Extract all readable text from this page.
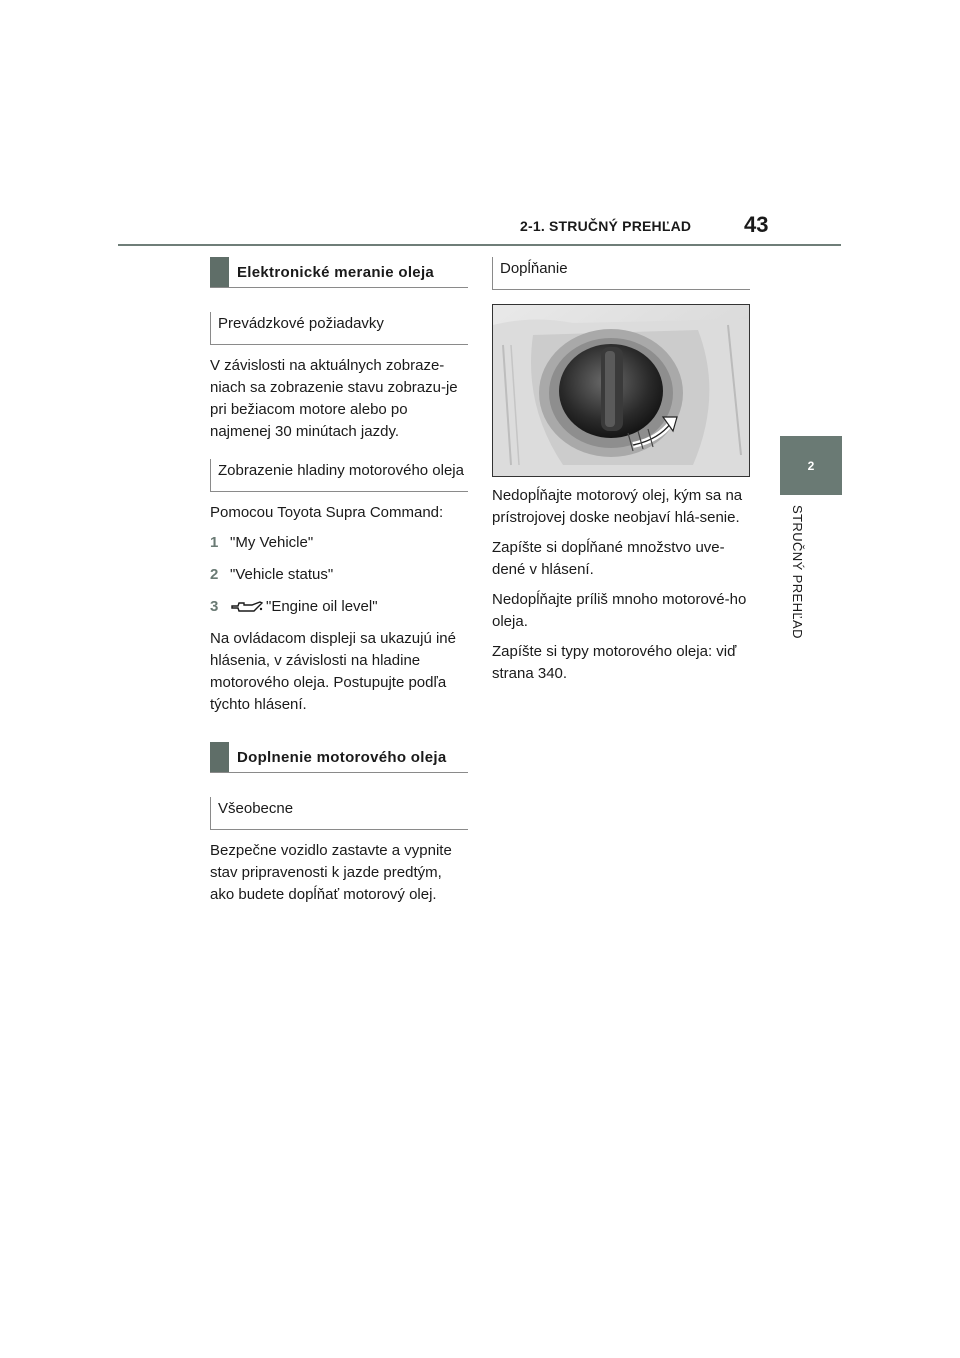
2-1. STRUČNÝ PREHĽAD 43
2
STRUČNÝ PREHĽAD
Elektronické meranie oleja
Prevádzkové požiadavky

V závislosti na aktuálnych zobraze-niach sa zobrazenie stavu zobrazu-je pri bežiacom motore alebo po najmenej 30 minútach jazdy.

Zobrazenie hladiny motorového oleja

Pomocou Toyota Supra Command:

1 "My Vehicle"
2 "Vehicle status"
3	"Engine oil level"

Na ovládacom displeji sa ukazujú iné hlásenia, v závislosti na hladine motorového oleja. Postupujte podľa týchto hlásení.

Doplnenie motorového oleja
Všeobecne

Bezpečne vozidlo zastavte a vypnite stav pripravenosti k jazde predtým, ako budete dopĺňať motorový olej.

Dopĺňanie

Nedopĺňajte motorový olej, kým sa na prístrojovej doske neobjaví hlá-senie.

Zapíšte si dopĺňané množstvo uve-dené v hlásení.

Nedopĺňajte príliš mnoho motorové-ho oleja.

Zapíšte si typy motorového oleja: viď strana 340.
